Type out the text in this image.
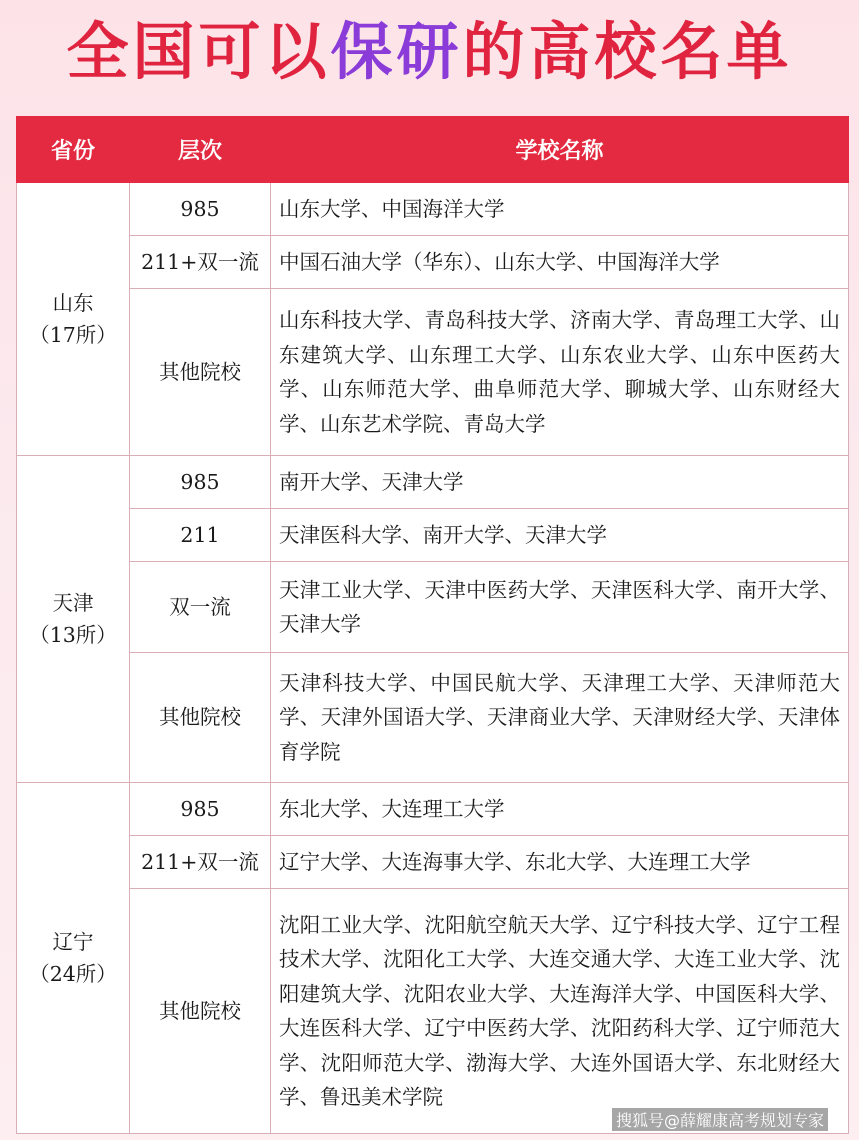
全国可以保研的高校名单
省份	层次	学校名称

山东
（17所）	985	山东大学、中国海洋大学
	211+双一流	中国石油大学（华东）、山东大学、中国海洋大学
	其他院校	山东科技大学、青岛科技大学、济南大学、青岛理工大学、山东建筑大学、山东理工大学、山东农业大学、山东中医药大学、山东师范大学、曲阜师范大学、聊城大学、山东财经大学、山东艺术学院、青岛大学

天津
（13所）	985	南开大学、天津大学
	211	天津医科大学、南开大学、天津大学
	双一流	天津工业大学、天津中医药大学、天津医科大学、南开大学、天津大学
	其他院校	天津科技大学、中国民航大学、天津理工大学、天津师范大学、天津外国语大学、天津商业大学、天津财经大学、天津体育学院

辽宁
（24所）	985	东北大学、大连理工大学
	211+双一流	辽宁大学、大连海事大学、东北大学、大连理工大学
	其他院校	沈阳工业大学、沈阳航空航天大学、辽宁科技大学、辽宁工程技术大学、沈阳化工大学、大连交通大学、大连工业大学、沈阳建筑大学、沈阳农业大学、大连海洋大学、中国医科大学、大连医科大学、辽宁中医药大学、沈阳药科大学、辽宁师范大学、沈阳师范大学、渤海大学、大连外国语大学、东北财经大学、鲁迅美术学院
搜狐号@薛耀康高考规划专家
